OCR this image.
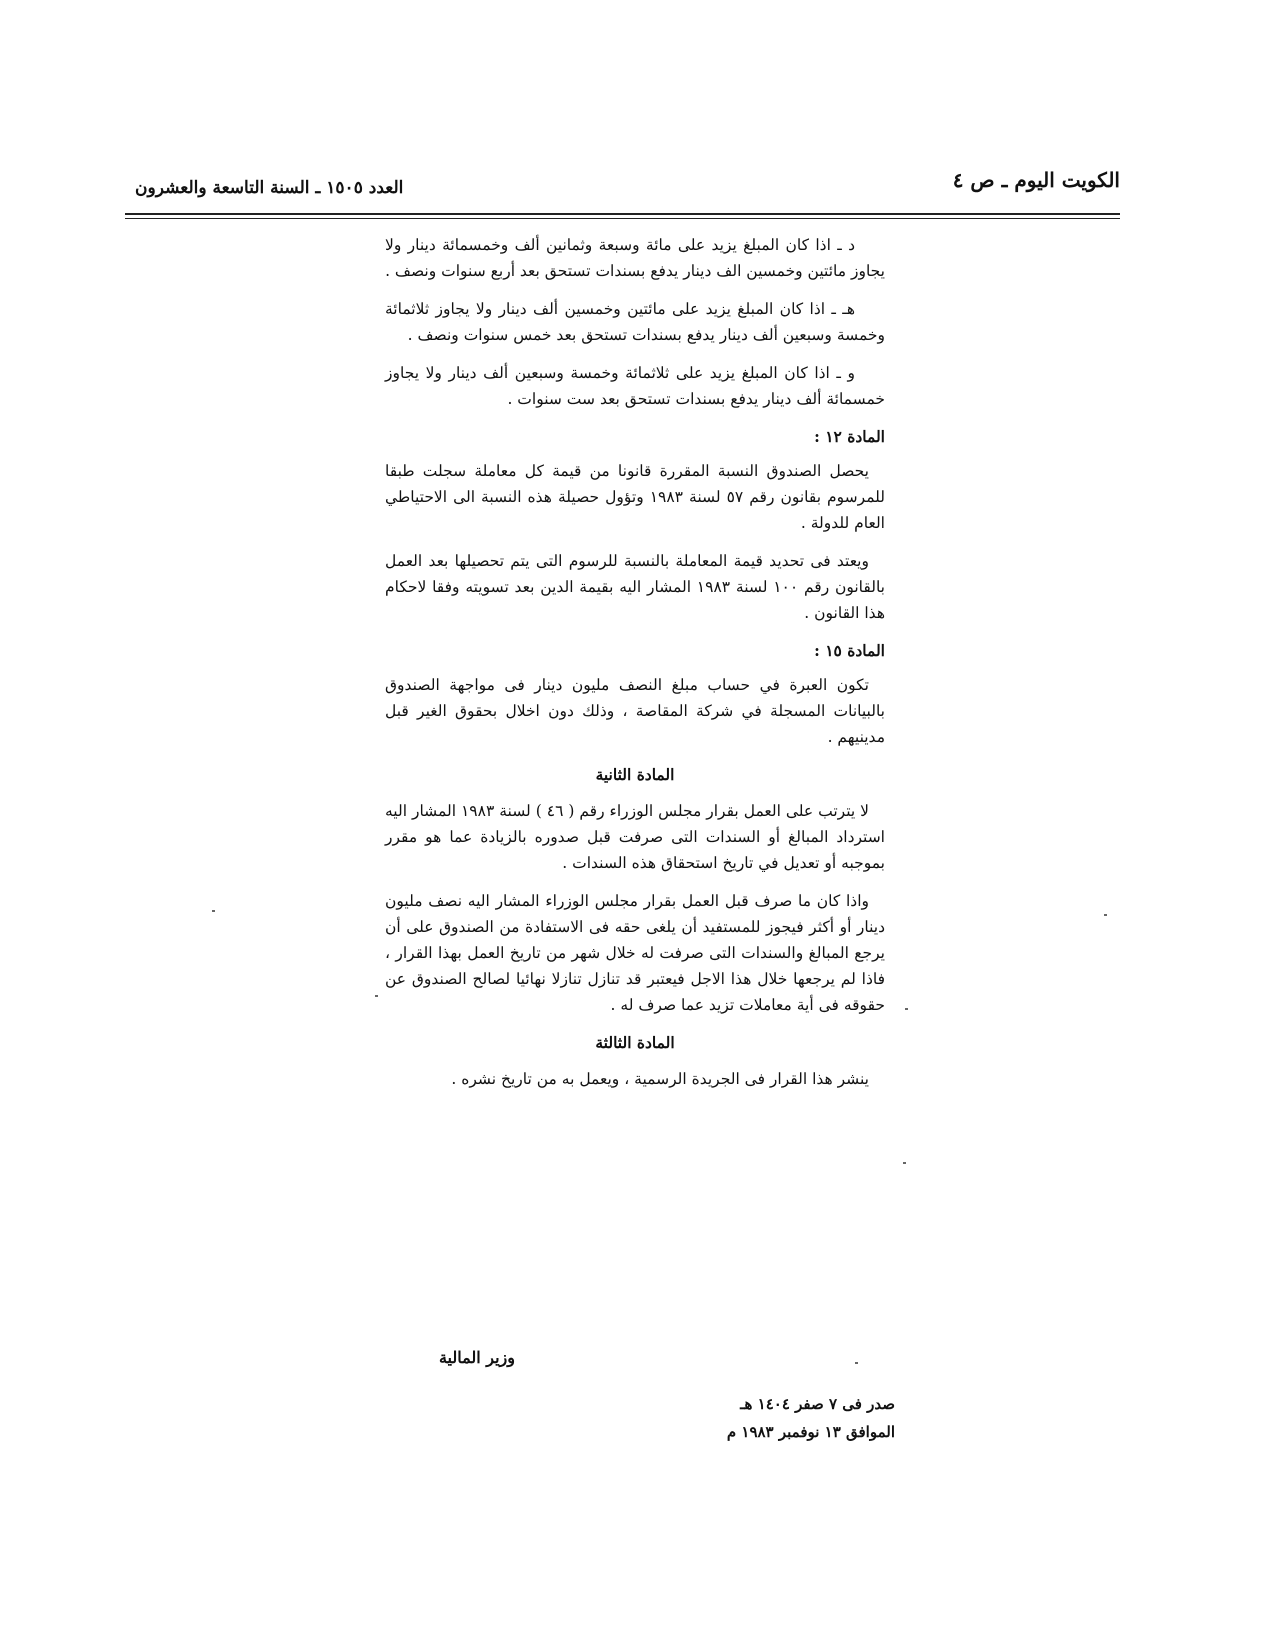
الكويت اليوم ـ ص ٤
العدد ١٥٠٥ ـ السنة التاسعة والعشرون

د ـ اذا كان المبلغ يزيد على مائة وسبعة وثمانين ألف وخمسمائة دينار ولا يجاوز مائتين وخمسين الف دينار يدفع بسندات تستحق بعد أربع سنوات ونصف .

هـ ـ اذا كان المبلغ يزيد على مائتين وخمسين ألف دينار ولا يجاوز ثلاثمائة وخمسة وسبعين ألف دينار يدفع بسندات تستحق بعد خمس سنوات ونصف .

و ـ اذا كان المبلغ يزيد على ثلاثمائة وخمسة وسبعين ألف دينار ولا يجاوز خمسمائة ألف دينار يدفع بسندات تستحق بعد ست سنوات .

المادة ١٢ :

يحصل الصندوق النسبة المقررة قانونا من قيمة كل معاملة سجلت طبقا للمرسوم بقانون رقم ٥٧ لسنة ١٩٨٣ وتؤول حصيلة هذه النسبة الى الاحتياطي العام للدولة .

ويعتد فى تحديد قيمة المعاملة بالنسبة للرسوم التى يتم تحصيلها بعد العمل بالقانون رقم ١٠٠ لسنة ١٩٨٣ المشار اليه بقيمة الدين بعد تسويته وفقا لاحكام هذا القانون .

المادة ١٥ :

تكون العبرة في حساب مبلغ النصف مليون دينار فى مواجهة الصندوق بالبيانات المسجلة في شركة المقاصة ، وذلك دون اخلال بحقوق الغير قبل مدينيهم .

المادة الثانية

لا يترتب على العمل بقرار مجلس الوزراء رقم ( ٤٦ ) لسنة ١٩٨٣ المشار اليه استرداد المبالغ أو السندات التى صرفت قبل صدوره بالزيادة عما هو مقرر بموجبه أو تعديل في تاريخ استحقاق هذه السندات .

واذا كان ما صرف قبل العمل بقرار مجلس الوزراء المشار اليه نصف مليون دينار أو أكثر فيجوز للمستفيد أن يلغى حقه فى الاستفادة من الصندوق على أن يرجع المبالغ والسندات التى صرفت له خلال شهر من تاريخ العمل بهذا القرار ، فاذا لم يرجعها خلال هذا الاجل فيعتبر قد تنازل تنازلا نهائيا لصالح الصندوق عن حقوقه فى أية معاملات تزيد عما صرف له .

المادة الثالثة

ينشر هذا القرار فى الجريدة الرسمية ، ويعمل به من تاريخ نشره .

وزير المالية
صدر فى ٧ صفر ١٤٠٤ هـ
الموافق ١٣ نوفمبر ١٩٨٣ م
